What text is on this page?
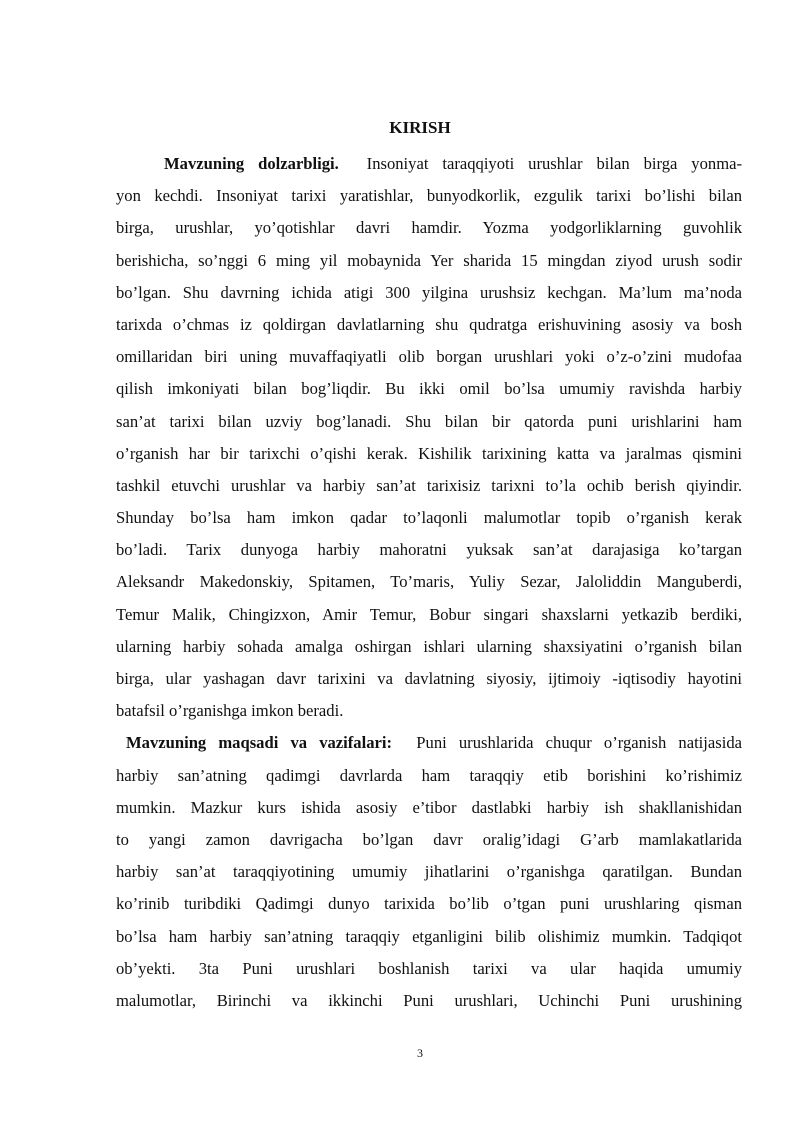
KIRISH
Mavzuning dolzarbligi. Insoniyat taraqqiyoti urushlar bilan birga yonma-
yon kechdi. Insoniyat tarixi yaratishlar, bunyodkorlik, ezgulik tarixi bo’lishi bilan
birga, urushlar, yo’qotishlar davri hamdir. Yozma yodgorliklarning guvohlik
berishicha, so’nggi 6 ming yil mobaynida Yer sharida 15 mingdan ziyod urush sodir
bo’lgan. Shu davrning ichida atigi 300 yilgina urushsiz kechgan. Ma’lum ma’noda
tarixda o’chmas iz qoldirgan davlatlarning shu qudratga erishuvining asosiy va bosh
omillaridan biri uning muvaffaqiyatli olib borgan urushlari yoki o’z-o’zini mudofaa
qilish imkoniyati bilan bog’liqdir. Bu ikki omil bo’lsa umumiy ravishda harbiy
san’at tarixi bilan uzviy bog’lanadi. Shu bilan bir qatorda puni urishlarini ham
o’rganish har bir tarixchi o’qishi kerak. Kishilik tarixining katta va jaralmas qismini
tashkil etuvchi urushlar va harbiy san’at tarixisiz tarixni to’la ochib berish qiyindir.
Shunday bo’lsa ham imkon qadar to’laqonli malumotlar topib o’rganish kerak
bo’ladi. Tarix dunyoga harbiy mahoratni yuksak san’at darajasiga ko’targan
Aleksandr Makedonskiy, Spitamen, To’maris, Yuliy Sezar, Jaloliddin Manguberdi,
Temur Malik, Chingizxon, Amir Temur, Bobur singari shaxslarni yetkazib berdiki,
ularning harbiy sohada amalga oshirgan ishlari ularning shaxsiyatini o’rganish bilan
birga, ular yashagan davr tarixini va davlatning siyosiy, ijtimoiy -iqtisodiy hayotini
batafsil o’rganishga imkon beradi.
Mavzuning maqsadi va vazifalari: Puni urushlarida chuqur o’rganish natijasida
harbiy san’atning qadimgi davrlarda ham taraqqiy etib borishini ko’rishimiz
mumkin. Mazkur kurs ishida asosiy e’tibor dastlabki harbiy ish shakllanishidan
to yangi zamon davrigacha bo’lgan davr oralig’idagi G’arb mamlakatlarida
harbiy san’at taraqqiyotining umumiy jihatlarini o’rganishga qaratilgan. Bundan
ko’rinib turibdiki Qadimgi dunyo tarixida bo’lib o’tgan puni urushlaring qisman
bo’lsa ham harbiy san’atning taraqqiy etganligini bilib olishimiz mumkin. Tadqiqot
ob’yekti. 3ta Puni urushlari boshlanish tarixi va ular haqida umumiy
malumotlar, Birinchi va ikkinchi Puni urushlari, Uchinchi Puni urushining
3
